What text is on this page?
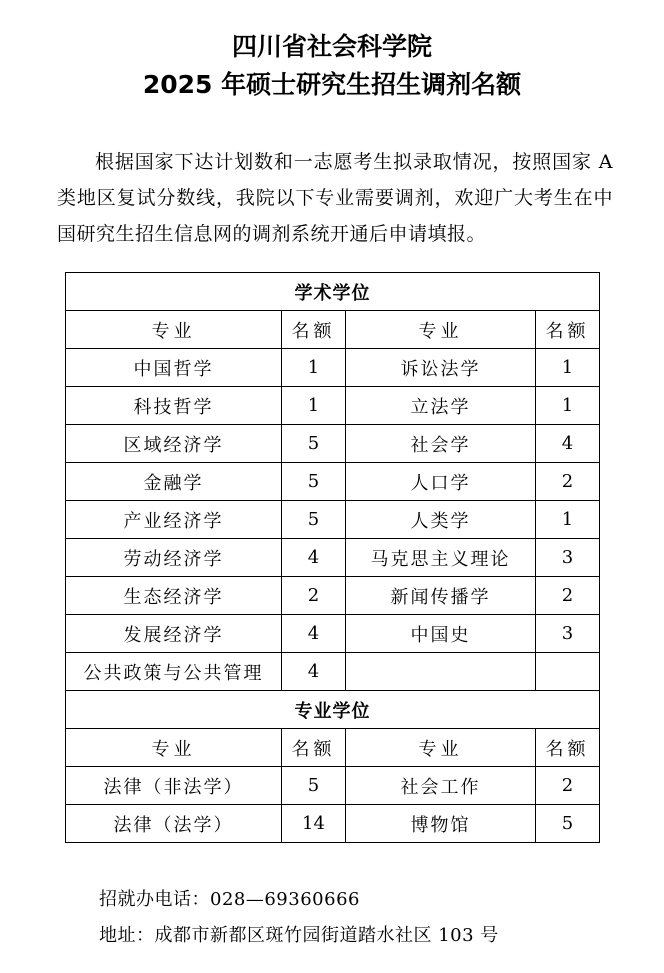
四川省社会科学院
2025 年硕士研究生招生调剂名额
根据国家下达计划数和一志愿考生拟录取情况，按照国家 A 类地区复试分数线，我院以下专业需要调剂，欢迎广大考生在中国研究生招生信息网的调剂系统开通后申请填报。
学术学位			
专业	名额	专业	名额
中国哲学	1	诉讼法学	1
科技哲学	1	立法学	1
区域经济学	5	社会学	4
金融学	5	人口学	2
产业经济学	5	人类学	1
劳动经济学	4	马克思主义理论	3
生态经济学	2	新闻传播学	2
发展经济学	4	中国史	3
公共政策与公共管理	4		
专业学位			
专业	名额	专业	名额
法律（非法学）	5	社会工作	2
法律（法学）	14	博物馆	5
招就办电话：028—69360666
地址：成都市新都区斑竹园街道踏水社区 103 号
